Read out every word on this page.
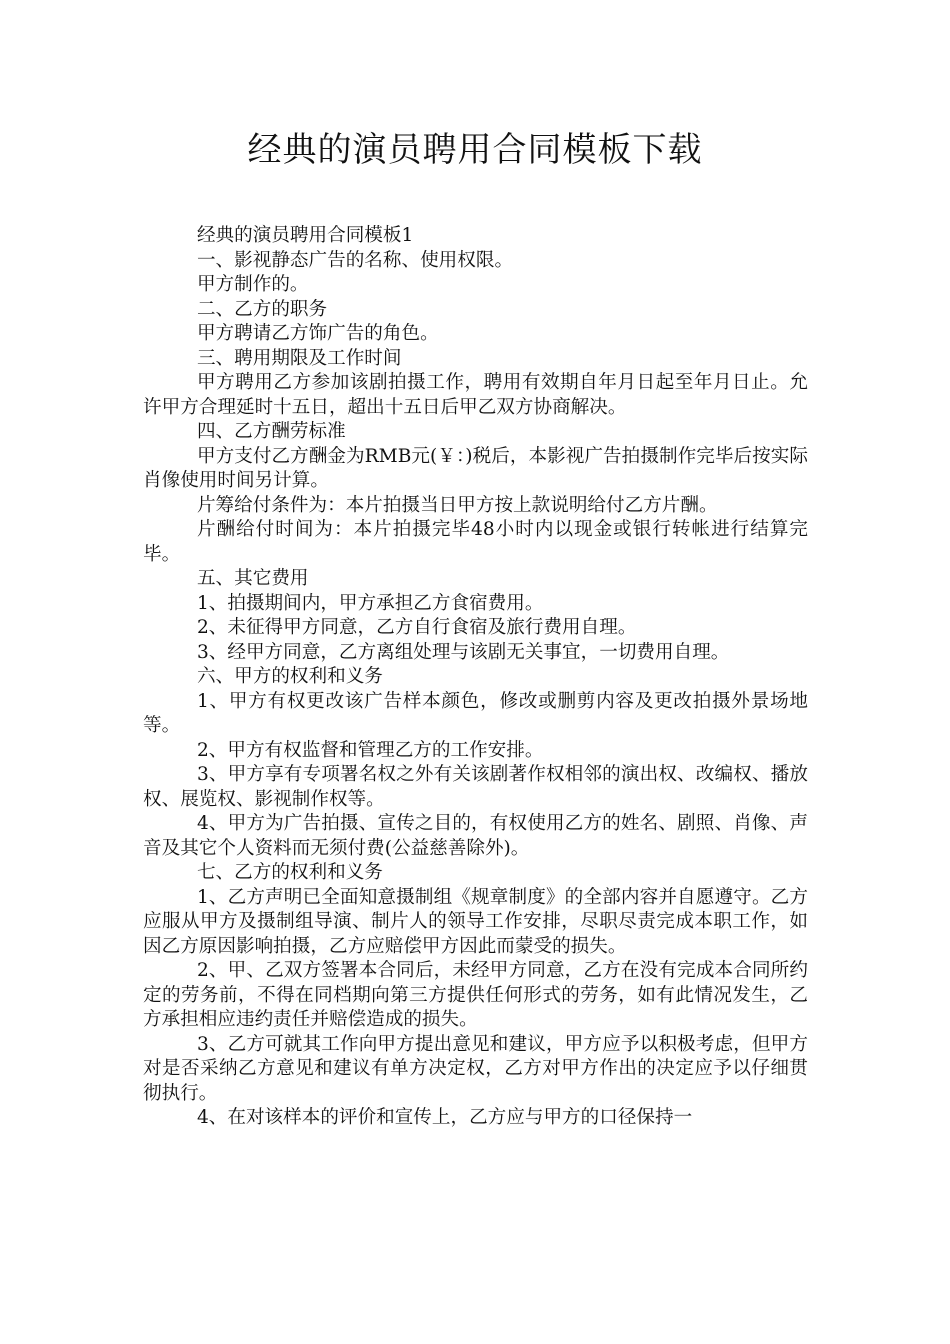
经典的演员聘用合同模板下载

经典的演员聘用合同模板1

一、影视静态广告的名称、使用权限。

甲方制作的。

二、乙方的职务

甲方聘请乙方饰广告的角色。

三、聘用期限及工作时间

甲方聘用乙方参加该剧拍摄工作，聘用有效期自年月日起至年月日止。允许甲方合理延时十五日，超出十五日后甲乙双方协商解决。

四、乙方酬劳标准

甲方支付乙方酬金为RMB元(￥：)税后，本影视广告拍摄制作完毕后按实际肖像使用时间另计算。

片筹给付条件为：本片拍摄当日甲方按上款说明给付乙方片酬。

片酬给付时间为：本片拍摄完毕48小时内以现金或银行转帐进行结算完毕。

五、其它费用

1、拍摄期间内，甲方承担乙方食宿费用。

2、未征得甲方同意，乙方自行食宿及旅行费用自理。

3、经甲方同意，乙方离组处理与该剧无关事宜，一切费用自理。

六、甲方的权利和义务

1、甲方有权更改该广告样本颜色，修改或删剪内容及更改拍摄外景场地等。

2、甲方有权监督和管理乙方的工作安排。

3、甲方享有专项署名权之外有关该剧著作权相邻的演出权、改编权、播放权、展览权、影视制作权等。

4、甲方为广告拍摄、宣传之目的，有权使用乙方的姓名、剧照、肖像、声音及其它个人资料而无须付费(公益慈善除外)。

七、乙方的权利和义务

1、乙方声明已全面知意摄制组《规章制度》的全部内容并自愿遵守。乙方应服从甲方及摄制组导演、制片人的领导工作安排，尽职尽责完成本职工作，如因乙方原因影响拍摄，乙方应赔偿甲方因此而蒙受的损失。

2、甲、乙双方签署本合同后，未经甲方同意，乙方在没有完成本合同所约定的劳务前，不得在同档期向第三方提供任何形式的劳务，如有此情况发生，乙方承担相应违约责任并赔偿造成的损失。

3、乙方可就其工作向甲方提出意见和建议，甲方应予以积极考虑，但甲方对是否采纳乙方意见和建议有单方决定权，乙方对甲方作出的决定应予以仔细贯彻执行。

4、在对该样本的评价和宣传上，乙方应与甲方的口径保持一
